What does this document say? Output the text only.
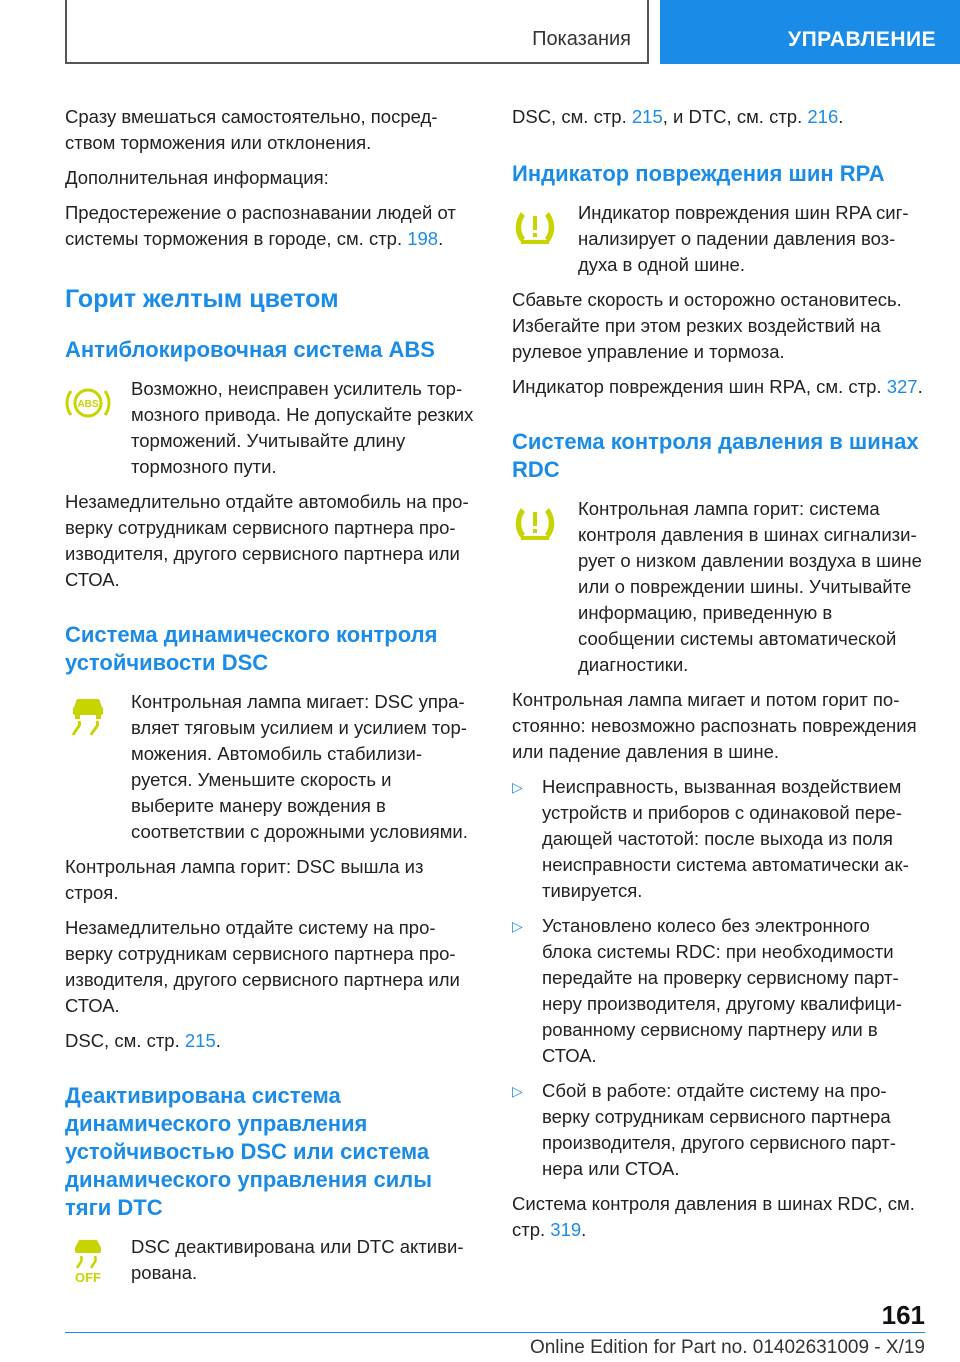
Показания	УПРАВЛЕНИЕ

Сразу вмешаться самостоятельно, посредством торможения или отклонения.

Дополнительная информация:

Предостережение о распознавании людей от системы торможения в городе, см. стр. 198.

Горит желтым цветом
Антиблокировочная система ABS
ABS

Возможно, неисправен усилитель тормозного привода. Не допускайте резких торможений. Учитывайте длину тормозного пути.

Незамедлительно отдайте автомобиль на проверку сотрудникам сервисного партнера производителя, другого сервисного партнера или СТОА.

Система динамического контроля устойчивости DSC

Контрольная лампа мигает: DSC управляет тяговым усилием и усилием торможения. Автомобиль стабилизируется. Уменьшите скорость и выберите манеру вождения в соответствии с дорожными условиями.

Контрольная лампа горит: DSC вышла из строя.

Незамедлительно отдайте систему на проверку сотрудникам сервисного партнера производителя, другого сервисного партнера или СТОА.

DSC, см. стр. 215.

Деактивирована система динамического управления устойчивостью DSC или система динамического управления силы тяги DTC
OFF

DSC деактивирована или DTC активирована.

DSC, см. стр. 215, и DTC, см. стр. 216.

Индикатор повреждения шин RPA

Индикатор повреждения шин RPA сигнализирует о падении давления воздуха в одной шине.

Сбавьте скорость и осторожно остановитесь. Избегайте при этом резких воздействий на рулевое управление и тормоза.

Индикатор повреждения шин RPA, см. стр. 327.

Система контроля давления в шинах RDC

Контрольная лампа горит: система контроля давления в шинах сигнализирует о низком давлении воздуха в шине или о повреждении шины. Учитывайте информацию, приведенную в сообщении системы автоматической диагностики.

Контрольная лампа мигает и потом горит постоянно: невозможно распознать повреждения или падение давления в шине.

▷ Неисправность, вызванная воздействием устройств и приборов с одинаковой передающей частотой: после выхода из поля неисправности система автоматически активируется.

▷ Установлено колесо без электронного блока системы RDC: при необходимости передайте на проверку сервисному партнеру производителя, другому квалифицированному сервисному партнеру или в СТОА.

▷ Сбой в работе: отдайте систему на проверку сотрудникам сервисного партнера производителя, другого сервисного партнера или СТОА.

Система контроля давления в шинах RDC, см. стр. 319.

161
Online Edition for Part no. 01402631009 - X/19
